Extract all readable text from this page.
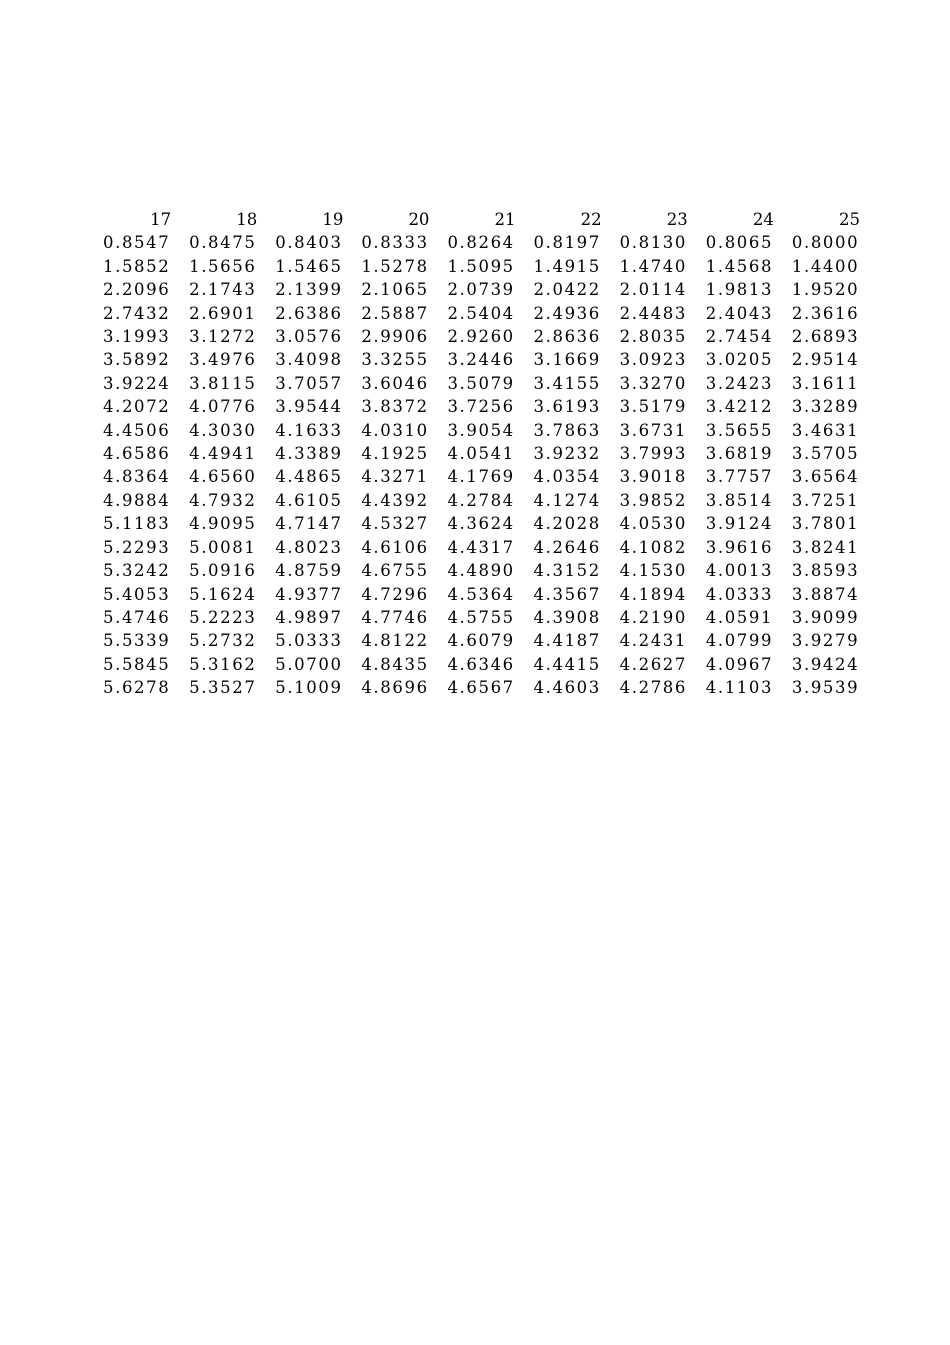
17	18	19	20	21	22	23	24	25
0.8547	0.8475	0.8403	0.8333	0.8264	0.8197	0.8130	0.8065	0.8000
1.5852	1.5656	1.5465	1.5278	1.5095	1.4915	1.4740	1.4568	1.4400
2.2096	2.1743	2.1399	2.1065	2.0739	2.0422	2.0114	1.9813	1.9520
2.7432	2.6901	2.6386	2.5887	2.5404	2.4936	2.4483	2.4043	2.3616
3.1993	3.1272	3.0576	2.9906	2.9260	2.8636	2.8035	2.7454	2.6893
3.5892	3.4976	3.4098	3.3255	3.2446	3.1669	3.0923	3.0205	2.9514
3.9224	3.8115	3.7057	3.6046	3.5079	3.4155	3.3270	3.2423	3.1611
4.2072	4.0776	3.9544	3.8372	3.7256	3.6193	3.5179	3.4212	3.3289
4.4506	4.3030	4.1633	4.0310	3.9054	3.7863	3.6731	3.5655	3.4631
4.6586	4.4941	4.3389	4.1925	4.0541	3.9232	3.7993	3.6819	3.5705
4.8364	4.6560	4.4865	4.3271	4.1769	4.0354	3.9018	3.7757	3.6564
4.9884	4.7932	4.6105	4.4392	4.2784	4.1274	3.9852	3.8514	3.7251
5.1183	4.9095	4.7147	4.5327	4.3624	4.2028	4.0530	3.9124	3.7801
5.2293	5.0081	4.8023	4.6106	4.4317	4.2646	4.1082	3.9616	3.8241
5.3242	5.0916	4.8759	4.6755	4.4890	4.3152	4.1530	4.0013	3.8593
5.4053	5.1624	4.9377	4.7296	4.5364	4.3567	4.1894	4.0333	3.8874
5.4746	5.2223	4.9897	4.7746	4.5755	4.3908	4.2190	4.0591	3.9099
5.5339	5.2732	5.0333	4.8122	4.6079	4.4187	4.2431	4.0799	3.9279
5.5845	5.3162	5.0700	4.8435	4.6346	4.4415	4.2627	4.0967	3.9424
5.6278	5.3527	5.1009	4.8696	4.6567	4.4603	4.2786	4.1103	3.9539
